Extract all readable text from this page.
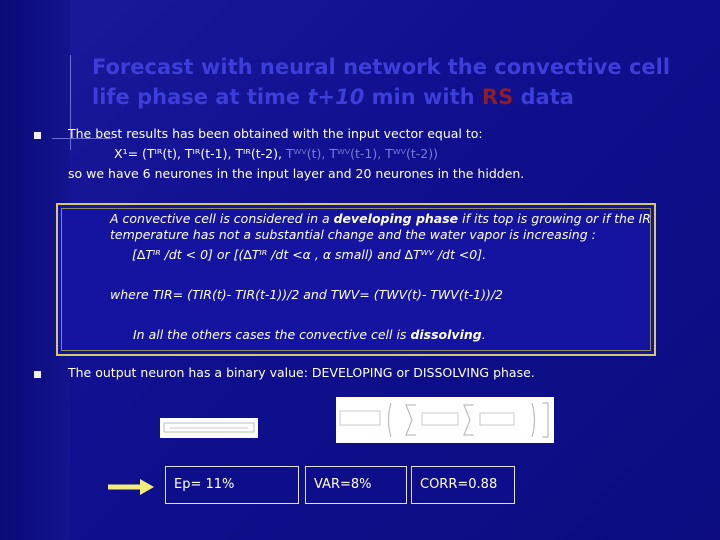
Forecast with neural network the convective cell
life phase at time t+10 min with RS data
The best results has been obtained with the input vector equal to:
X¹= (Tᴵᴿ(t), Tᴵᴿ(t-1), Tᴵᴿ(t-2), Tᵂⱽ(t), Tᵂⱽ(t-1), Tᵂⱽ(t-2))
so we have 6 neurones in the input layer and 20 neurones in the hidden.
A convective cell is considered in a developing phase if its top is growing or if the IR
temperature has not a substantial change and the water vapor is increasing :
[∆Tᴵᴿ /dt < 0] or [(∆Tᴵᴿ /dt <α , α small) and ∆Tᵂⱽ /dt <0].
where TIR= (TIR(t)- TIR(t-1))/2 and TWV= (TWV(t)- TWV(t-1))/2
In all the others cases the convective cell is dissolving.
The output neuron has a binary value: DEVELOPING or DISSOLVING phase.
Ep= 11%	VAR=8%	CORR=0.88
